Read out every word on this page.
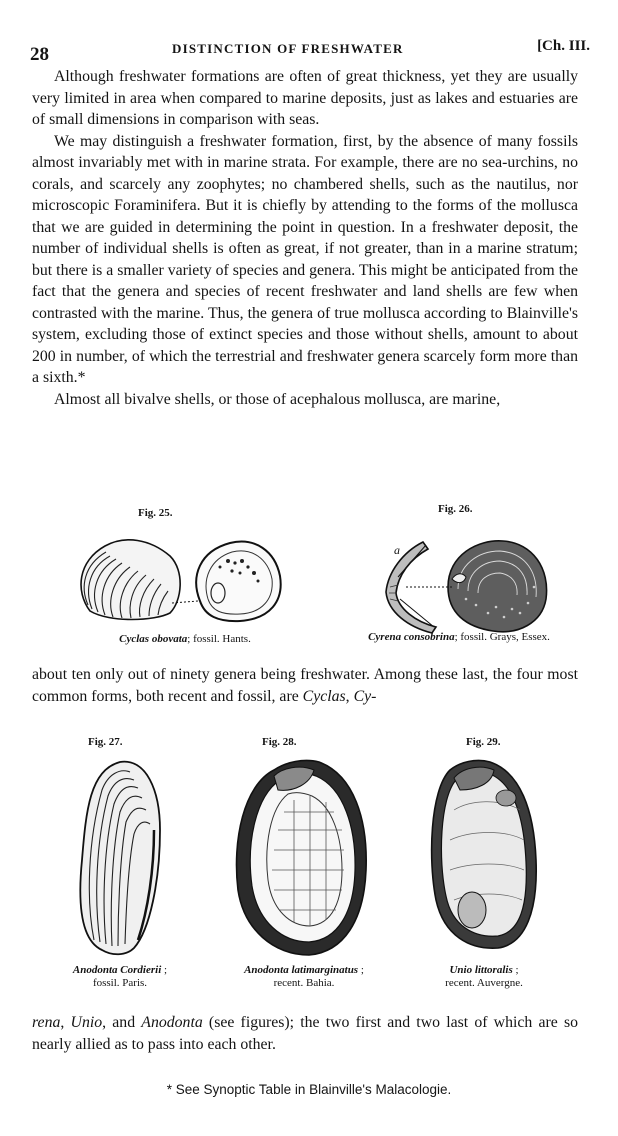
28	DISTINCTION OF FRESHWATER	[Ch. III.

Although freshwater formations are often of great thickness, yet they are usually very limited in area when compared to marine deposits, just as lakes and estuaries are of small dimensions in comparison with seas.

We may distinguish a freshwater formation, first, by the absence of many fossils almost invariably met with in marine strata. For example, there are no sea-urchins, no corals, and scarcely any zoophytes; no chambered shells, such as the nautilus, nor microscopic Foraminifera. But it is chiefly by attending to the forms of the mollusca that we are guided in determining the point in question. In a freshwater deposit, the number of individual shells is often as great, if not greater, than in a marine stratum; but there is a smaller variety of species and genera. This might be anticipated from the fact that the genera and species of recent freshwater and land shells are few when contrasted with the marine. Thus, the genera of true mollusca according to Blainville's system, excluding those of extinct species and those without shells, amount to about 200 in number, of which the terrestrial and freshwater genera scarcely form more than a sixth.*

Almost all bivalve shells, or those of acephalous mollusca, are marine,

Fig. 25.
Cyclas obovata; fossil. Hants.
Fig. 26.
a
Cyrena consobrina; fossil. Grays, Essex.

about ten only out of ninety genera being freshwater. Among these last, the four most common forms, both recent and fossil, are Cyclas, Cy-

Fig. 27.
Anodonta Cordierii ;
fossil. Paris.
Fig. 28.
Anodonta latimarginatus ;
recent. Bahia.
Fig. 29.
Unio littoralis ;
recent. Auvergne.

rena, Unio, and Anodonta (see figures); the two first and two last of which are so nearly allied as to pass into each other.

* See Synoptic Table in Blainville's Malacologie.
